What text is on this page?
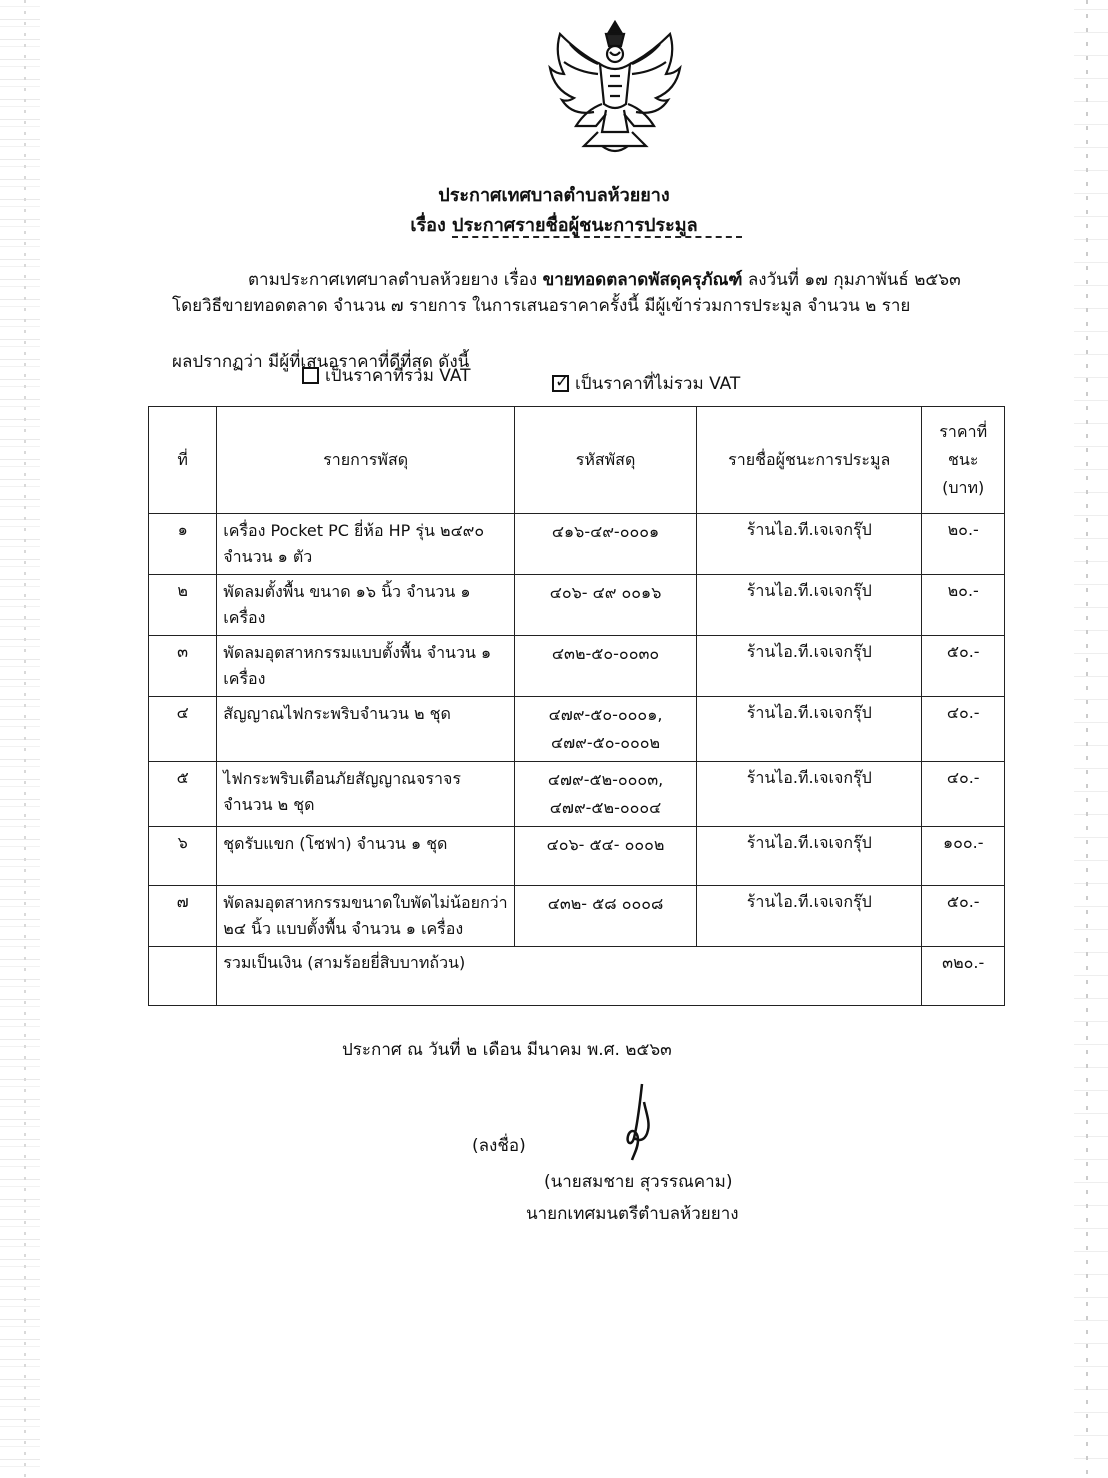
ประกาศเทศบาลตำบลห้วยยาง
เรื่อง ประกาศรายชื่อผู้ชนะการประมูล
ตามประกาศเทศบาลตำบลห้วยยาง เรื่อง ขายทอดตลาดพัสดุครุภัณฑ์ ลงวันที่ ๑๗ กุมภาพันธ์ ๒๕๖๓
โดยวิธีขายทอดตลาด จำนวน ๗ รายการ ในการเสนอราคาครั้งนี้ มีผู้เข้าร่วมการประมูล จำนวน ๒ ราย
ผลปรากฏว่า มีผู้ที่เสนอราคาที่ดีที่สุด ดังนี้
เป็นราคาที่รวม VAT ✓	เป็นราคาที่ไม่รวม VAT
ที่	รายการพัสดุ	รหัสพัสดุ	รายชื่อผู้ชนะการประมูล	ราคาที่
ชนะ
(บาท)

๑	เครื่อง Pocket PC ยี่ห้อ HP รุ่น ๒๔๙๐ จำนวน ๑ ตัว	๔๑๖-๔๙-๐๐๐๑	ร้านไอ.ที.เจเจกรุ๊ป	๒๐.-
๒	พัดลมตั้งพื้น ขนาด ๑๖ นิ้ว จำนวน ๑ เครื่อง	๔๐๖- ๔๙ ๐๐๑๖	ร้านไอ.ที.เจเจกรุ๊ป	๒๐.-
๓	พัดลมอุตสาหกรรมแบบตั้งพื้น จำนวน ๑ เครื่อง	๔๓๒-๕๐-๐๐๓๐	ร้านไอ.ที.เจเจกรุ๊ป	๕๐.-
๔	สัญญาณไฟกระพริบจำนวน ๒ ชุด	๔๗๙-๕๐-๐๐๐๑,
๔๗๙-๕๐-๐๐๐๒	ร้านไอ.ที.เจเจกรุ๊ป	๔๐.-
๕	ไฟกระพริบเตือนภัยสัญญาณจราจร จำนวน ๒ ชุด	๔๗๙-๕๒-๐๐๐๓,
๔๗๙-๕๒-๐๐๐๔	ร้านไอ.ที.เจเจกรุ๊ป	๔๐.-
๖	ชุดรับแขก (โซฟา) จำนวน ๑ ชุด	๔๐๖- ๕๔- ๐๐๐๒	ร้านไอ.ที.เจเจกรุ๊ป	๑๐๐.-
๗	พัดลมอุตสาหกรรมขนาดใบพัดไม่น้อยกว่า ๒๔ นิ้ว แบบตั้งพื้น จำนวน ๑ เครื่อง	๔๓๒- ๕๘ ๐๐๐๘	ร้านไอ.ที.เจเจกรุ๊ป	๕๐.-
	รวมเป็นเงิน (สามร้อยยี่สิบบาทถ้วน)			๓๒๐.-
ประกาศ ณ วันที่ ๒ เดือน มีนาคม พ.ศ. ๒๕๖๓
(ลงชื่อ)
(นายสมชาย สุวรรณคาม)
นายกเทศมนตรีตำบลห้วยยาง
